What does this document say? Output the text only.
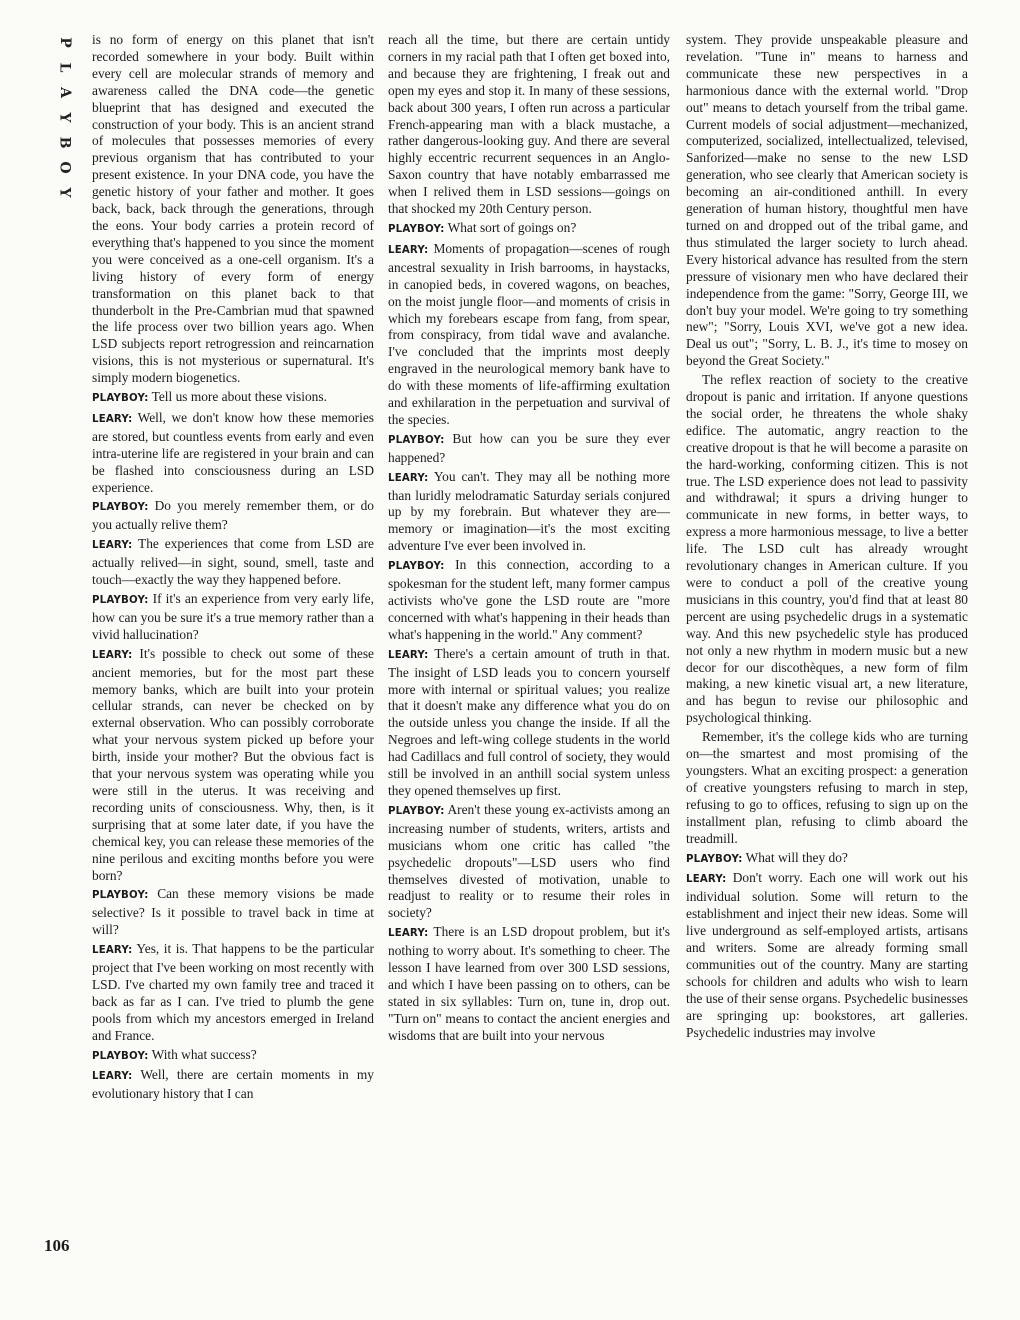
P
L
A
Y
B
O
Y
106

is no form of energy on this planet that isn't recorded somewhere in your body. Built within every cell are molecular strands of memory and awareness called the DNA code—the genetic blueprint that has designed and executed the construction of your body. This is an ancient strand of molecules that possesses memories of every previous organism that has contributed to your present existence. In your DNA code, you have the genetic history of your father and mother. It goes back, back, back through the generations, through the eons. Your body carries a protein record of everything that's happened to you since the moment you were conceived as a one-cell organism. It's a living history of every form of energy transformation on this planet back to that thunderbolt in the Pre-Cambrian mud that spawned the life process over two billion years ago. When LSD subjects report retrogression and reincarnation visions, this is not mysterious or supernatural. It's simply modern biogenetics.

PLAYBOY: Tell us more about these visions.

LEARY: Well, we don't know how these memories are stored, but countless events from early and even intra-uterine life are registered in your brain and can be flashed into consciousness during an LSD experience.

PLAYBOY: Do you merely remember them, or do you actually relive them?

LEARY: The experiences that come from LSD are actually relived—in sight, sound, smell, taste and touch—exactly the way they happened before.

PLAYBOY: If it's an experience from very early life, how can you be sure it's a true memory rather than a vivid hallucination?

LEARY: It's possible to check out some of these ancient memories, but for the most part these memory banks, which are built into your protein cellular strands, can never be checked on by external observation. Who can possibly corroborate what your nervous system picked up before your birth, inside your mother? But the obvious fact is that your nervous system was operating while you were still in the uterus. It was receiving and recording units of consciousness. Why, then, is it surprising that at some later date, if you have the chemical key, you can release these memories of the nine perilous and exciting months before you were born?

PLAYBOY: Can these memory visions be made selective? Is it possible to travel back in time at will?

LEARY: Yes, it is. That happens to be the particular project that I've been working on most recently with LSD. I've charted my own family tree and traced it back as far as I can. I've tried to plumb the gene pools from which my ancestors emerged in Ireland and France.

PLAYBOY: With what success?

LEARY: Well, there are certain moments in my evolutionary history that I can

reach all the time, but there are certain untidy corners in my racial path that I often get boxed into, and because they are frightening, I freak out and open my eyes and stop it. In many of these sessions, back about 300 years, I often run across a particular French-appearing man with a black mustache, a rather dangerous-looking guy. And there are several highly eccentric recurrent sequences in an Anglo-Saxon country that have notably embarrassed me when I relived them in LSD sessions—goings on that shocked my 20th Century person.

PLAYBOY: What sort of goings on?

LEARY: Moments of propagation—scenes of rough ancestral sexuality in Irish barrooms, in haystacks, in canopied beds, in covered wagons, on beaches, on the moist jungle floor—and moments of crisis in which my forebears escape from fang, from spear, from conspiracy, from tidal wave and avalanche. I've concluded that the imprints most deeply engraved in the neurological memory bank have to do with these moments of life-affirming exultation and exhilaration in the perpetuation and survival of the species.

PLAYBOY: But how can you be sure they ever happened?

LEARY: You can't. They may all be nothing more than luridly melodramatic Saturday serials conjured up by my forebrain. But whatever they are—memory or imagination—it's the most exciting adventure I've ever been involved in.

PLAYBOY: In this connection, according to a spokesman for the student left, many former campus activists who've gone the LSD route are "more concerned with what's happening in their heads than what's happening in the world." Any comment?

LEARY: There's a certain amount of truth in that. The insight of LSD leads you to concern yourself more with internal or spiritual values; you realize that it doesn't make any difference what you do on the outside unless you change the inside. If all the Negroes and left-wing college students in the world had Cadillacs and full control of society, they would still be involved in an anthill social system unless they opened themselves up first.

PLAYBOY: Aren't these young ex-activists among an increasing number of students, writers, artists and musicians whom one critic has called "the psychedelic dropouts"—LSD users who find themselves divested of motivation, unable to readjust to reality or to resume their roles in society?

LEARY: There is an LSD dropout problem, but it's nothing to worry about. It's something to cheer. The lesson I have learned from over 300 LSD sessions, and which I have been passing on to others, can be stated in six syllables: Turn on, tune in, drop out. "Turn on" means to contact the ancient energies and wisdoms that are built into your nervous

system. They provide unspeakable pleasure and revelation. "Tune in" means to harness and communicate these new perspectives in a harmonious dance with the external world. "Drop out" means to detach yourself from the tribal game. Current models of social adjustment—mechanized, computerized, socialized, intellectualized, televised, Sanforized—make no sense to the new LSD generation, who see clearly that American society is becoming an air-conditioned anthill. In every generation of human history, thoughtful men have turned on and dropped out of the tribal game, and thus stimulated the larger society to lurch ahead. Every historical advance has resulted from the stern pressure of visionary men who have declared their independence from the game: "Sorry, George III, we don't buy your model. We're going to try something new"; "Sorry, Louis XVI, we've got a new idea. Deal us out"; "Sorry, L. B. J., it's time to mosey on beyond the Great Society."

The reflex reaction of society to the creative dropout is panic and irritation. If anyone questions the social order, he threatens the whole shaky edifice. The automatic, angry reaction to the creative dropout is that he will become a parasite on the hard-working, conforming citizen. This is not true. The LSD experience does not lead to passivity and withdrawal; it spurs a driving hunger to communicate in new forms, in better ways, to express a more harmonious message, to live a better life. The LSD cult has already wrought revolutionary changes in American culture. If you were to conduct a poll of the creative young musicians in this country, you'd find that at least 80 percent are using psychedelic drugs in a systematic way. And this new psychedelic style has produced not only a new rhythm in modern music but a new decor for our discothèques, a new form of film making, a new kinetic visual art, a new literature, and has begun to revise our philosophic and psychological thinking.

Remember, it's the college kids who are turning on—the smartest and most promising of the youngsters. What an exciting prospect: a generation of creative youngsters refusing to march in step, refusing to go to offices, refusing to sign up on the installment plan, refusing to climb aboard the treadmill.

PLAYBOY: What will they do?

LEARY: Don't worry. Each one will work out his individual solution. Some will return to the establishment and inject their new ideas. Some will live underground as self-employed artists, artisans and writers. Some are already forming small communities out of the country. Many are starting schools for children and adults who wish to learn the use of their sense organs. Psychedelic businesses are springing up: bookstores, art galleries. Psychedelic industries may involve
